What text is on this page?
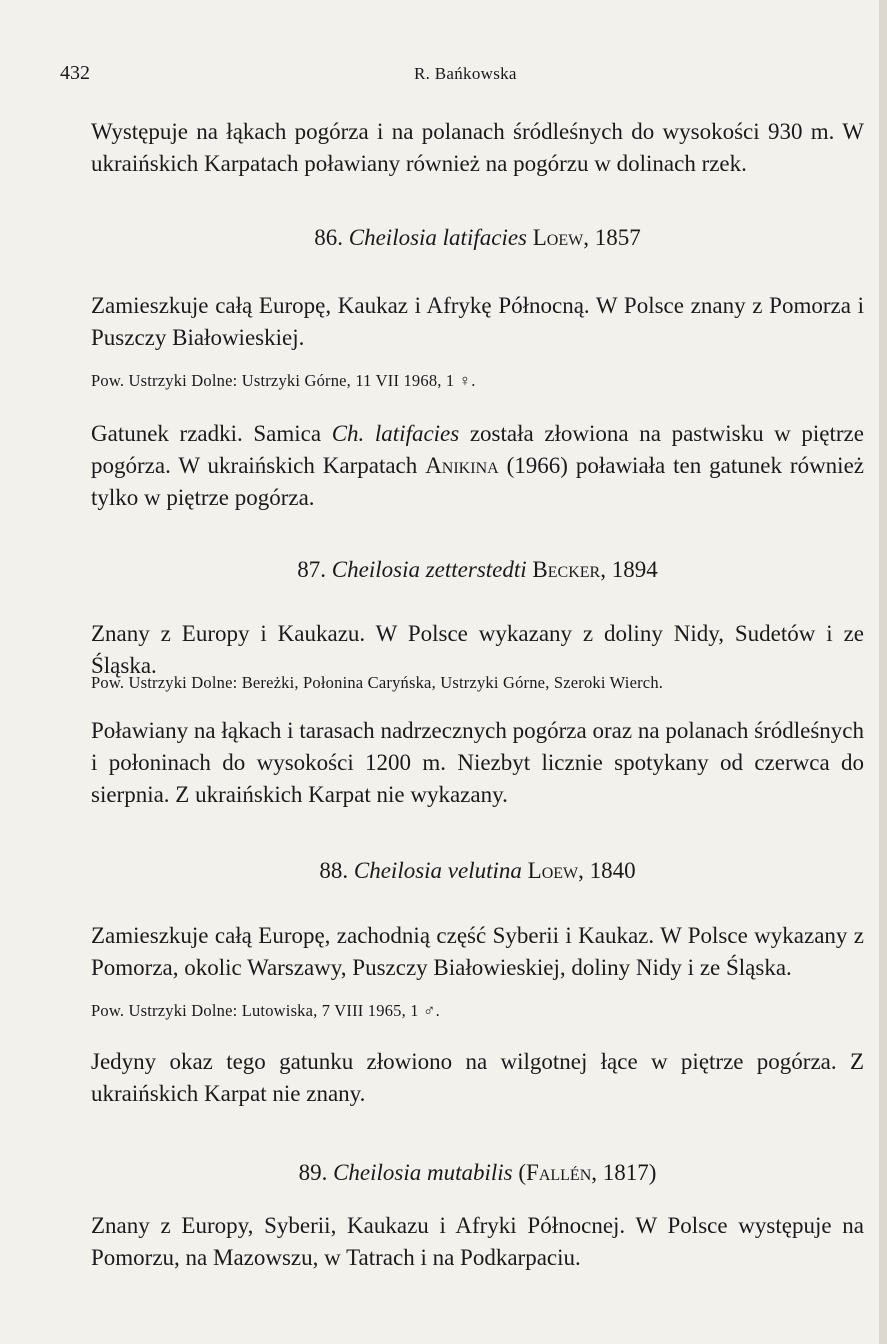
432	R. Bańkowska

Występuje na łąkach pogórza i na polanach śródleśnych do wysokości 930 m. W ukraińskich Karpatach poławiany również na pogórzu w dolinach rzek.

86. Cheilosia latifacies Loew, 1857

Zamieszkuje całą Europę, Kaukaz i Afrykę Północną. W Polsce znany z Pomorza i Puszczy Białowieskiej.

Pow. Ustrzyki Dolne: Ustrzyki Górne, 11 VII 1968, 1 ♀.

Gatunek rzadki. Samica Ch. latifacies została złowiona na pastwisku w piętrze pogórza. W ukraińskich Karpatach Anikina (1966) poławiała ten gatunek również tylko w piętrze pogórza.

87. Cheilosia zetterstedti Becker, 1894

Znany z Europy i Kaukazu. W Polsce wykazany z doliny Nidy, Sudetów i ze Śląska.

Pow. Ustrzyki Dolne: Bereżki, Połonina Caryńska, Ustrzyki Górne, Szeroki Wierch.

Poławiany na łąkach i tarasach nadrzecznych pogórza oraz na polanach śródleśnych i połoninach do wysokości 1200 m. Niezbyt licznie spotykany od czerwca do sierpnia. Z ukraińskich Karpat nie wykazany.

88. Cheilosia velutina Loew, 1840

Zamieszkuje całą Europę, zachodnią część Syberii i Kaukaz. W Polsce wykazany z Pomorza, okolic Warszawy, Puszczy Białowieskiej, doliny Nidy i ze Śląska.

Pow. Ustrzyki Dolne: Lutowiska, 7 VIII 1965, 1 ♂.

Jedyny okaz tego gatunku złowiono na wilgotnej łące w piętrze pogórza. Z ukraińskich Karpat nie znany.

89. Cheilosia mutabilis (Fallén, 1817)

Znany z Europy, Syberii, Kaukazu i Afryki Północnej. W Polsce występuje na Pomorzu, na Mazowszu, w Tatrach i na Podkarpaciu.
